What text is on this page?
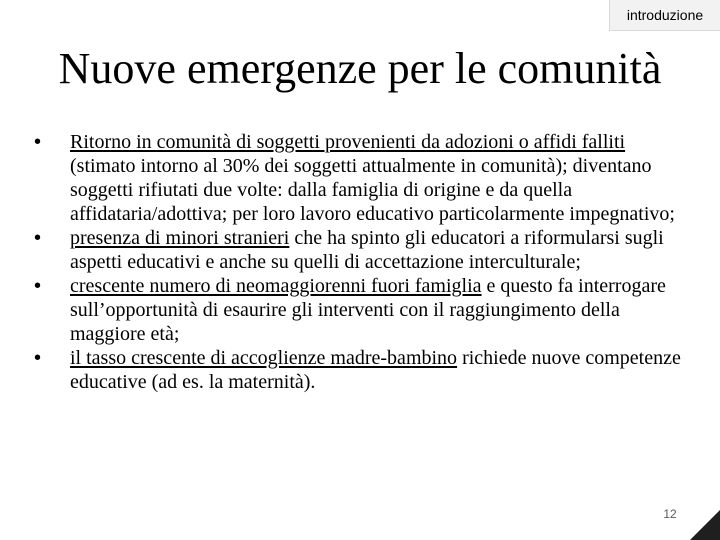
introduzione
Nuove emergenze per le comunità

•	Ritorno in comunità di soggetti provenienti da adozioni o affidi falliti (stimato intorno al 30% dei soggetti attualmente in comunità); diventano soggetti rifiutati due volte: dalla famiglia di origine e da quella affidataria/adottiva; per loro lavoro educativo particolarmente impegnativo;

•	presenza di minori stranieri che ha spinto gli educatori a riformularsi sugli aspetti educativi e anche su quelli di accettazione interculturale;

•	crescente numero di neomaggiorenni fuori famiglia e questo fa interrogare sull’opportunità di esaurire gli interventi con il raggiungimento della maggiore età;

•	il tasso crescente di accoglienze madre-bambino richiede nuove competenze educative (ad es. la maternità).

12
